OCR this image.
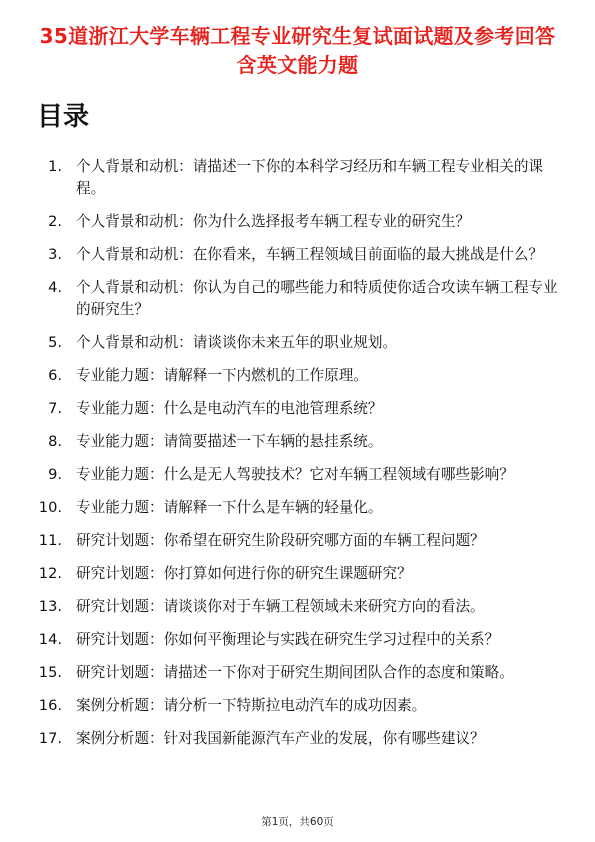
35道浙江大学车辆工程专业研究生复试面试题及参考回答含英文能力题
目录
1. 个人背景和动机：请描述一下你的本科学习经历和车辆工程专业相关的课程。
2. 个人背景和动机：你为什么选择报考车辆工程专业的研究生？
3. 个人背景和动机：在你看来，车辆工程领域目前面临的最大挑战是什么？
4. 个人背景和动机：你认为自己的哪些能力和特质使你适合攻读车辆工程专业的研究生？
5. 个人背景和动机：请谈谈你未来五年的职业规划。
6. 专业能力题：请解释一下内燃机的工作原理。
7. 专业能力题：什么是电动汽车的电池管理系统？
8. 专业能力题：请简要描述一下车辆的悬挂系统。
9. 专业能力题：什么是无人驾驶技术？它对车辆工程领域有哪些影响？
10. 专业能力题：请解释一下什么是车辆的轻量化。
11. 研究计划题：你希望在研究生阶段研究哪方面的车辆工程问题？
12. 研究计划题：你打算如何进行你的研究生课题研究？
13. 研究计划题：请谈谈你对于车辆工程领域未来研究方向的看法。
14. 研究计划题：你如何平衡理论与实践在研究生学习过程中的关系？
15. 研究计划题：请描述一下你对于研究生期间团队合作的态度和策略。
16. 案例分析题：请分析一下特斯拉电动汽车的成功因素。
17. 案例分析题：针对我国新能源汽车产业的发展，你有哪些建议？
第1页，共60页
